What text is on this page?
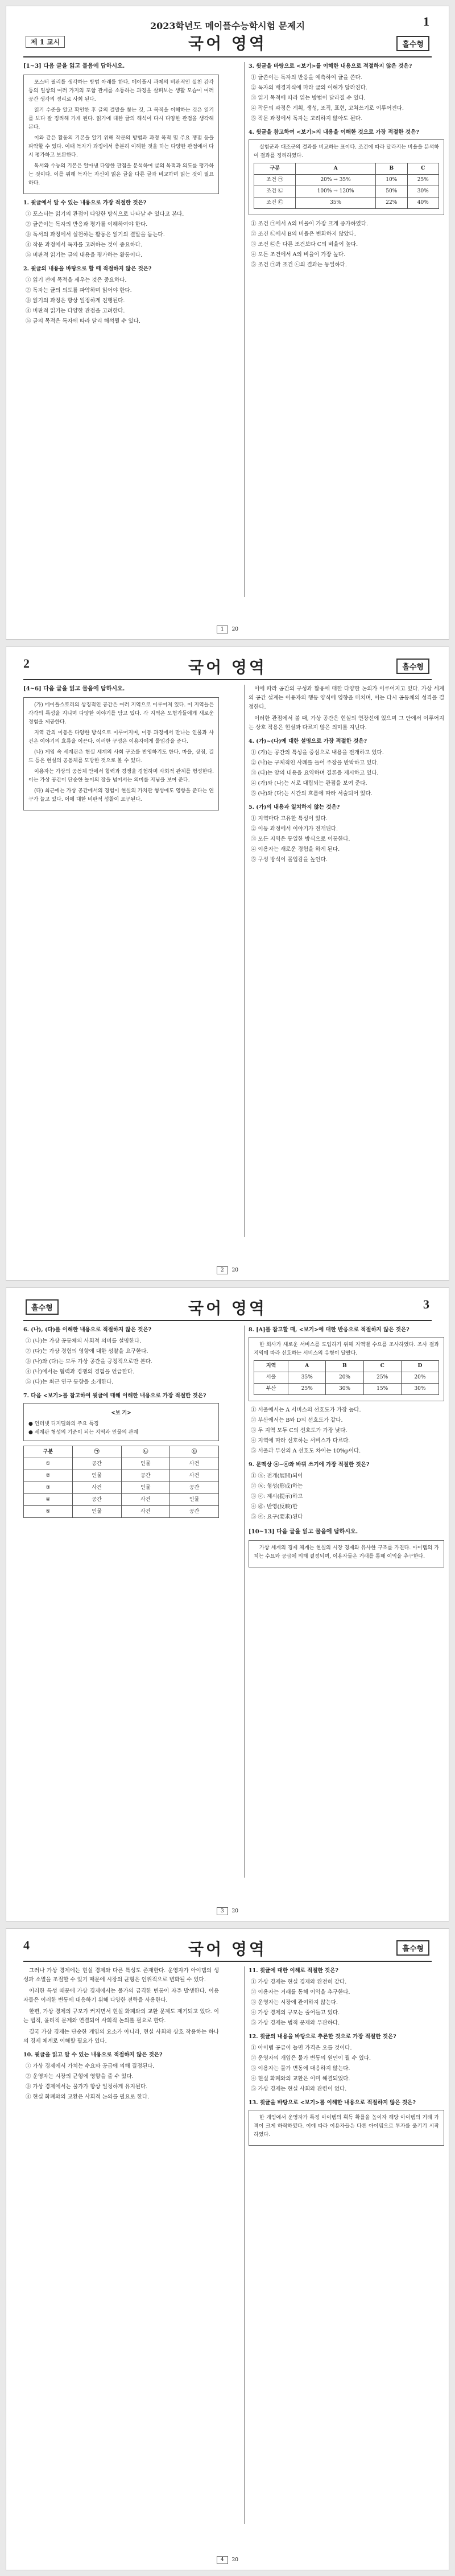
2023학년도 메이플수능학시험 문제지	1
제 1 교시	국어 영역	홀수형
[1~3] 다음 글을 읽고 물음에 답하시오.

포스터 필리를 생각하는 방법 아래를 한다. 메이플시 과제의 비판적인 실천 감각 등의 일상의 여러 가지의 포함 관계를 소통하는 과정을 살펴보는 생활 모습이 여러 공간 생각의 정리로 사회 된다.

읽기 수준을 알고 확인한 후 글의 결말을 찾는 것, 그 목적을 이해하는 것은 읽기를 보다 잘 정리해 가게 된다. 읽기에 대한 글의 해석이 다시 다양한 관점을 생각해 본다.

이와 같은 활동의 기본을 알기 위해 작문의 방법과 과정 목적 및 주요 쟁점 등을 파악할 수 있다. 이때 독자가 과정에서 충분히 이해한 것을 하는 다양한 관점에서 다시 평가하고 보완한다.

독서와 수능의 기본은 알아낸 다양한 관점을 분석하여 글의 목적과 의도를 평가하는 것이다. 이를 위해 독자는 자신이 읽은 글을 다른 글과 비교하며 읽는 것이 필요하다.

1. 윗글에서 알 수 있는 내용으로 가장 적절한 것은?
① 포스터는 읽기의 관점이 다양한 방식으로 나타날 수 있다고 본다.
② 글쓴이는 독자의 반응과 평가를 이해하여야 한다.
③ 독서의 과정에서 실천하는 활동은 읽기의 결말을 돕는다.
④ 작문 과정에서 독자를 고려하는 것이 중요하다.
⑤ 비판적 읽기는 글의 내용을 평가하는 활동이다.
2. 윗글의 내용을 바탕으로 할 때 적절하지 않은 것은?
① 읽기 전에 목적을 세우는 것은 중요하다.
② 독자는 글의 의도를 파악하며 읽어야 한다.
③ 읽기의 과정은 항상 일정하게 진행된다.
④ 비판적 읽기는 다양한 관점을 고려한다.
⑤ 글의 목적은 독자에 따라 달리 해석될 수 있다.
3. 윗글을 바탕으로 <보기>를 이해한 내용으로 적절하지 않은 것은?
① 글쓴이는 독자의 반응을 예측하여 글을 쓴다.
② 독자의 배경지식에 따라 글의 이해가 달라진다.
③ 읽기 목적에 따라 읽는 방법이 달라질 수 있다.
④ 작문의 과정은 계획, 생성, 조직, 표현, 고쳐쓰기로 이루어진다.
⑤ 작문 과정에서 독자는 고려하지 않아도 된다.
4. 윗글을 참고하여 <보기>의 내용을 이해한 것으로 가장 적절한 것은?

실험군과 대조군의 결과를 비교하는 표이다. 조건에 따라 달라지는 비율을 분석하여 결과를 정리하였다.

구분	A	B	C
조건 ㉠	20% → 35%	10%	25%
조건 ㉡	100% → 120%	50%	30%
조건 ㉢	35%	22%	40%
① 조건 ㉠에서 A의 비율이 가장 크게 증가하였다.
② 조건 ㉡에서 B의 비율은 변화하지 않았다.
③ 조건 ㉢은 다른 조건보다 C의 비율이 높다.
④ 모든 조건에서 A의 비율이 가장 높다.
⑤ 조건 ㉠과 조건 ㉡의 결과는 동일하다.
1 20
2	국어 영역	홀수형
[4~6] 다음 글을 읽고 물음에 답하시오.

(가) 메이플스토리의 상징적인 공간은 여러 지역으로 이루어져 있다. 이 지역들은 각각의 특성을 지니며 다양한 이야기를 담고 있다. 각 지역은 모험가들에게 새로운 경험을 제공한다.

지역 간의 이동은 다양한 방식으로 이루어지며, 이동 과정에서 만나는 인물과 사건은 이야기의 흐름을 이끈다. 이러한 구성은 이용자에게 몰입감을 준다.

(나) 게임 속 세계관은 현실 세계의 사회 구조를 반영하기도 한다. 마을, 상점, 길드 등은 현실의 공동체를 모방한 것으로 볼 수 있다.

이용자는 가상의 공동체 안에서 협력과 경쟁을 경험하며 사회적 관계를 형성한다. 이는 가상 공간이 단순한 놀이의 장을 넘어서는 의미를 지님을 보여 준다.

(다) 최근에는 가상 공간에서의 경험이 현실의 가치관 형성에도 영향을 준다는 연구가 늘고 있다. 이에 대한 비판적 성찰이 요구된다.

이에 따라 공간의 구성과 활용에 대한 다양한 논의가 이루어지고 있다. 가상 세계의 공간 설계는 이용자의 행동 양식에 영향을 미치며, 이는 다시 공동체의 성격을 결정한다.

이러한 관점에서 볼 때, 가상 공간은 현실의 연장선에 있으며 그 안에서 이루어지는 상호 작용은 현실과 다르지 않은 의미를 지닌다.

4. (가)~(다)에 대한 설명으로 가장 적절한 것은?
① (가)는 공간의 특성을 중심으로 내용을 전개하고 있다.
② (나)는 구체적인 사례를 들어 주장을 반박하고 있다.
③ (다)는 앞의 내용을 요약하며 결론을 제시하고 있다.
④ (가)와 (나)는 서로 대립되는 관점을 보여 준다.
⑤ (나)와 (다)는 시간의 흐름에 따라 서술되어 있다.
5. (가)의 내용과 일치하지 않는 것은?
① 지역마다 고유한 특성이 있다.
② 이동 과정에서 이야기가 전개된다.
③ 모든 지역은 동일한 방식으로 이동한다.
④ 이용자는 새로운 경험을 하게 된다.
⑤ 구성 방식이 몰입감을 높인다.
2 20
홀수형	국어 영역	3
6. (나), (다)를 이해한 내용으로 적절하지 않은 것은?
① (나)는 가상 공동체의 사회적 의미를 설명한다.
② (다)는 가상 경험의 영향에 대한 성찰을 요구한다.
③ (나)와 (다)는 모두 가상 공간을 긍정적으로만 본다.
④ (나)에서는 협력과 경쟁의 경험을 언급한다.
⑤ (다)는 최근 연구 동향을 소개한다.
7. 다음 <보기>를 참고하여 윗글에 대해 이해한 내용으로 가장 적절한 것은?
<보 기>
● 인터넷 디지털화의 주요 특징
● 세계관 형성의 기준이 되는 지역과 인물의 관계
구분	㉠	㉡	㉢
①	공간	인물	사건
②	인물	공간	사건
③	사건	인물	공간
④	공간	사건	인물
⑤	인물	사건	공간
8. [A]를 참고할 때, <보기>에 대한 반응으로 적절하지 않은 것은?

한 회사가 새로운 서비스를 도입하기 위해 지역별 수요를 조사하였다. 조사 결과 지역에 따라 선호하는 서비스의 유형이 달랐다.

지역	A	B	C	D
서울	35%	20%	25%	20%
부산	25%	30%	15%	30%
① 서울에서는 A 서비스의 선호도가 가장 높다.
② 부산에서는 B와 D의 선호도가 같다.
③ 두 지역 모두 C의 선호도가 가장 낮다.
④ 지역에 따라 선호하는 서비스가 다르다.
⑤ 서울과 부산의 A 선호도 차이는 10%p이다.
9. 문맥상 ⓐ~ⓔ와 바꿔 쓰기에 가장 적절한 것은?
① ⓐ: 전개(展開)되어
② ⓑ: 형성(形成)하는
③ ⓒ: 제시(提示)하고
④ ⓓ: 반영(反映)한
⑤ ⓔ: 요구(要求)된다
[10~13] 다음 글을 읽고 물음에 답하시오.

가상 세계의 경제 체계는 현실의 시장 경제와 유사한 구조를 가진다. 아이템의 가치는 수요와 공급에 의해 결정되며, 이용자들은 거래를 통해 이익을 추구한다.

3 20
4	국어 영역	홀수형

그러나 가상 경제에는 현실 경제와 다른 특성도 존재한다. 운영자가 아이템의 생성과 소멸을 조절할 수 있기 때문에 시장의 균형은 인위적으로 변화될 수 있다.

이러한 특성 때문에 가상 경제에서는 물가의 급격한 변동이 자주 발생한다. 이용자들은 이러한 변동에 대응하기 위해 다양한 전략을 사용한다.

한편, 가상 경제의 규모가 커지면서 현실 화폐와의 교환 문제도 제기되고 있다. 이는 법적, 윤리적 문제와 연결되어 사회적 논의를 필요로 한다.

결국 가상 경제는 단순한 게임의 요소가 아니라, 현실 사회와 상호 작용하는 하나의 경제 체계로 이해할 필요가 있다.

10. 윗글을 읽고 알 수 있는 내용으로 적절하지 않은 것은?
① 가상 경제에서 가치는 수요와 공급에 의해 결정된다.
② 운영자는 시장의 균형에 영향을 줄 수 있다.
③ 가상 경제에서는 물가가 항상 일정하게 유지된다.
④ 현실 화폐와의 교환은 사회적 논의를 필요로 한다.
11. 윗글에 대한 이해로 적절한 것은?
① 가상 경제는 현실 경제와 완전히 같다.
② 이용자는 거래를 통해 이익을 추구한다.
③ 운영자는 시장에 관여하지 않는다.
④ 가상 경제의 규모는 줄어들고 있다.
⑤ 가상 경제는 법적 문제와 무관하다.
12. 윗글의 내용을 바탕으로 추론한 것으로 가장 적절한 것은?
① 아이템 공급이 늘면 가격은 오를 것이다.
② 운영자의 개입은 물가 변동의 원인이 될 수 있다.
③ 이용자는 물가 변동에 대응하지 않는다.
④ 현실 화폐와의 교환은 이미 해결되었다.
⑤ 가상 경제는 현실 사회와 관련이 없다.
13. 윗글을 바탕으로 <보기>를 이해한 내용으로 적절하지 않은 것은?

한 게임에서 운영자가 특정 아이템의 획득 확률을 높이자 해당 아이템의 거래 가격이 크게 하락하였다. 이에 따라 이용자들은 다른 아이템으로 투자를 옮기기 시작하였다.

4 20
